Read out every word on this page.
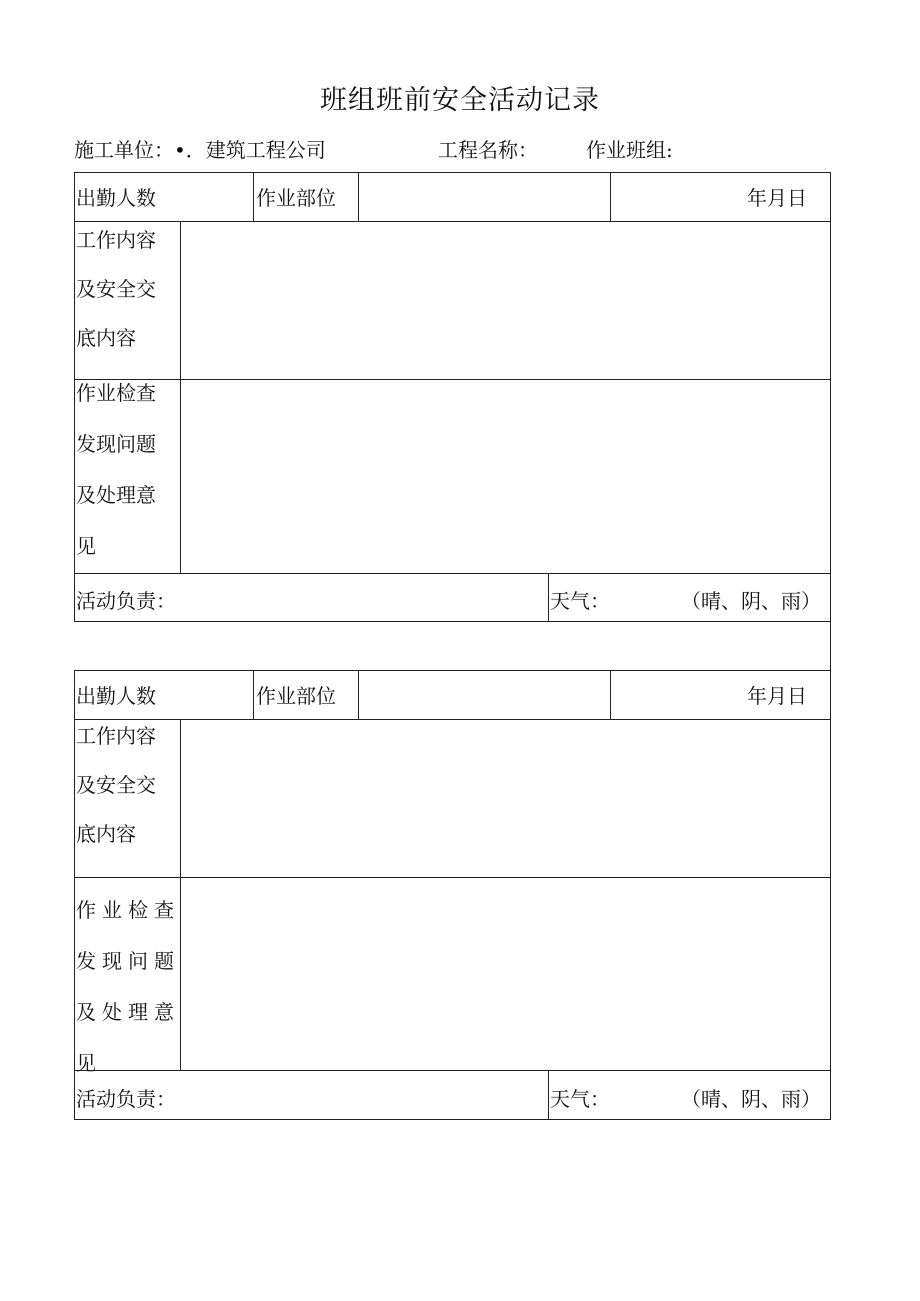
班组班前安全活动记录
施工单位：•．建筑工程公司	工程名称： 作业班组:
出勤人数	作业部位	年月日
工作内容
及安全交
底内容
作业检查
发现问题
及处理意
见
活动负责：	天气：	（晴、阴、雨）
出勤人数	作业部位	年月日
工作内容
及安全交
底内容
作业检查
发现问题
及处理意
见
活动负责：	天气：	（晴、阴、雨）
